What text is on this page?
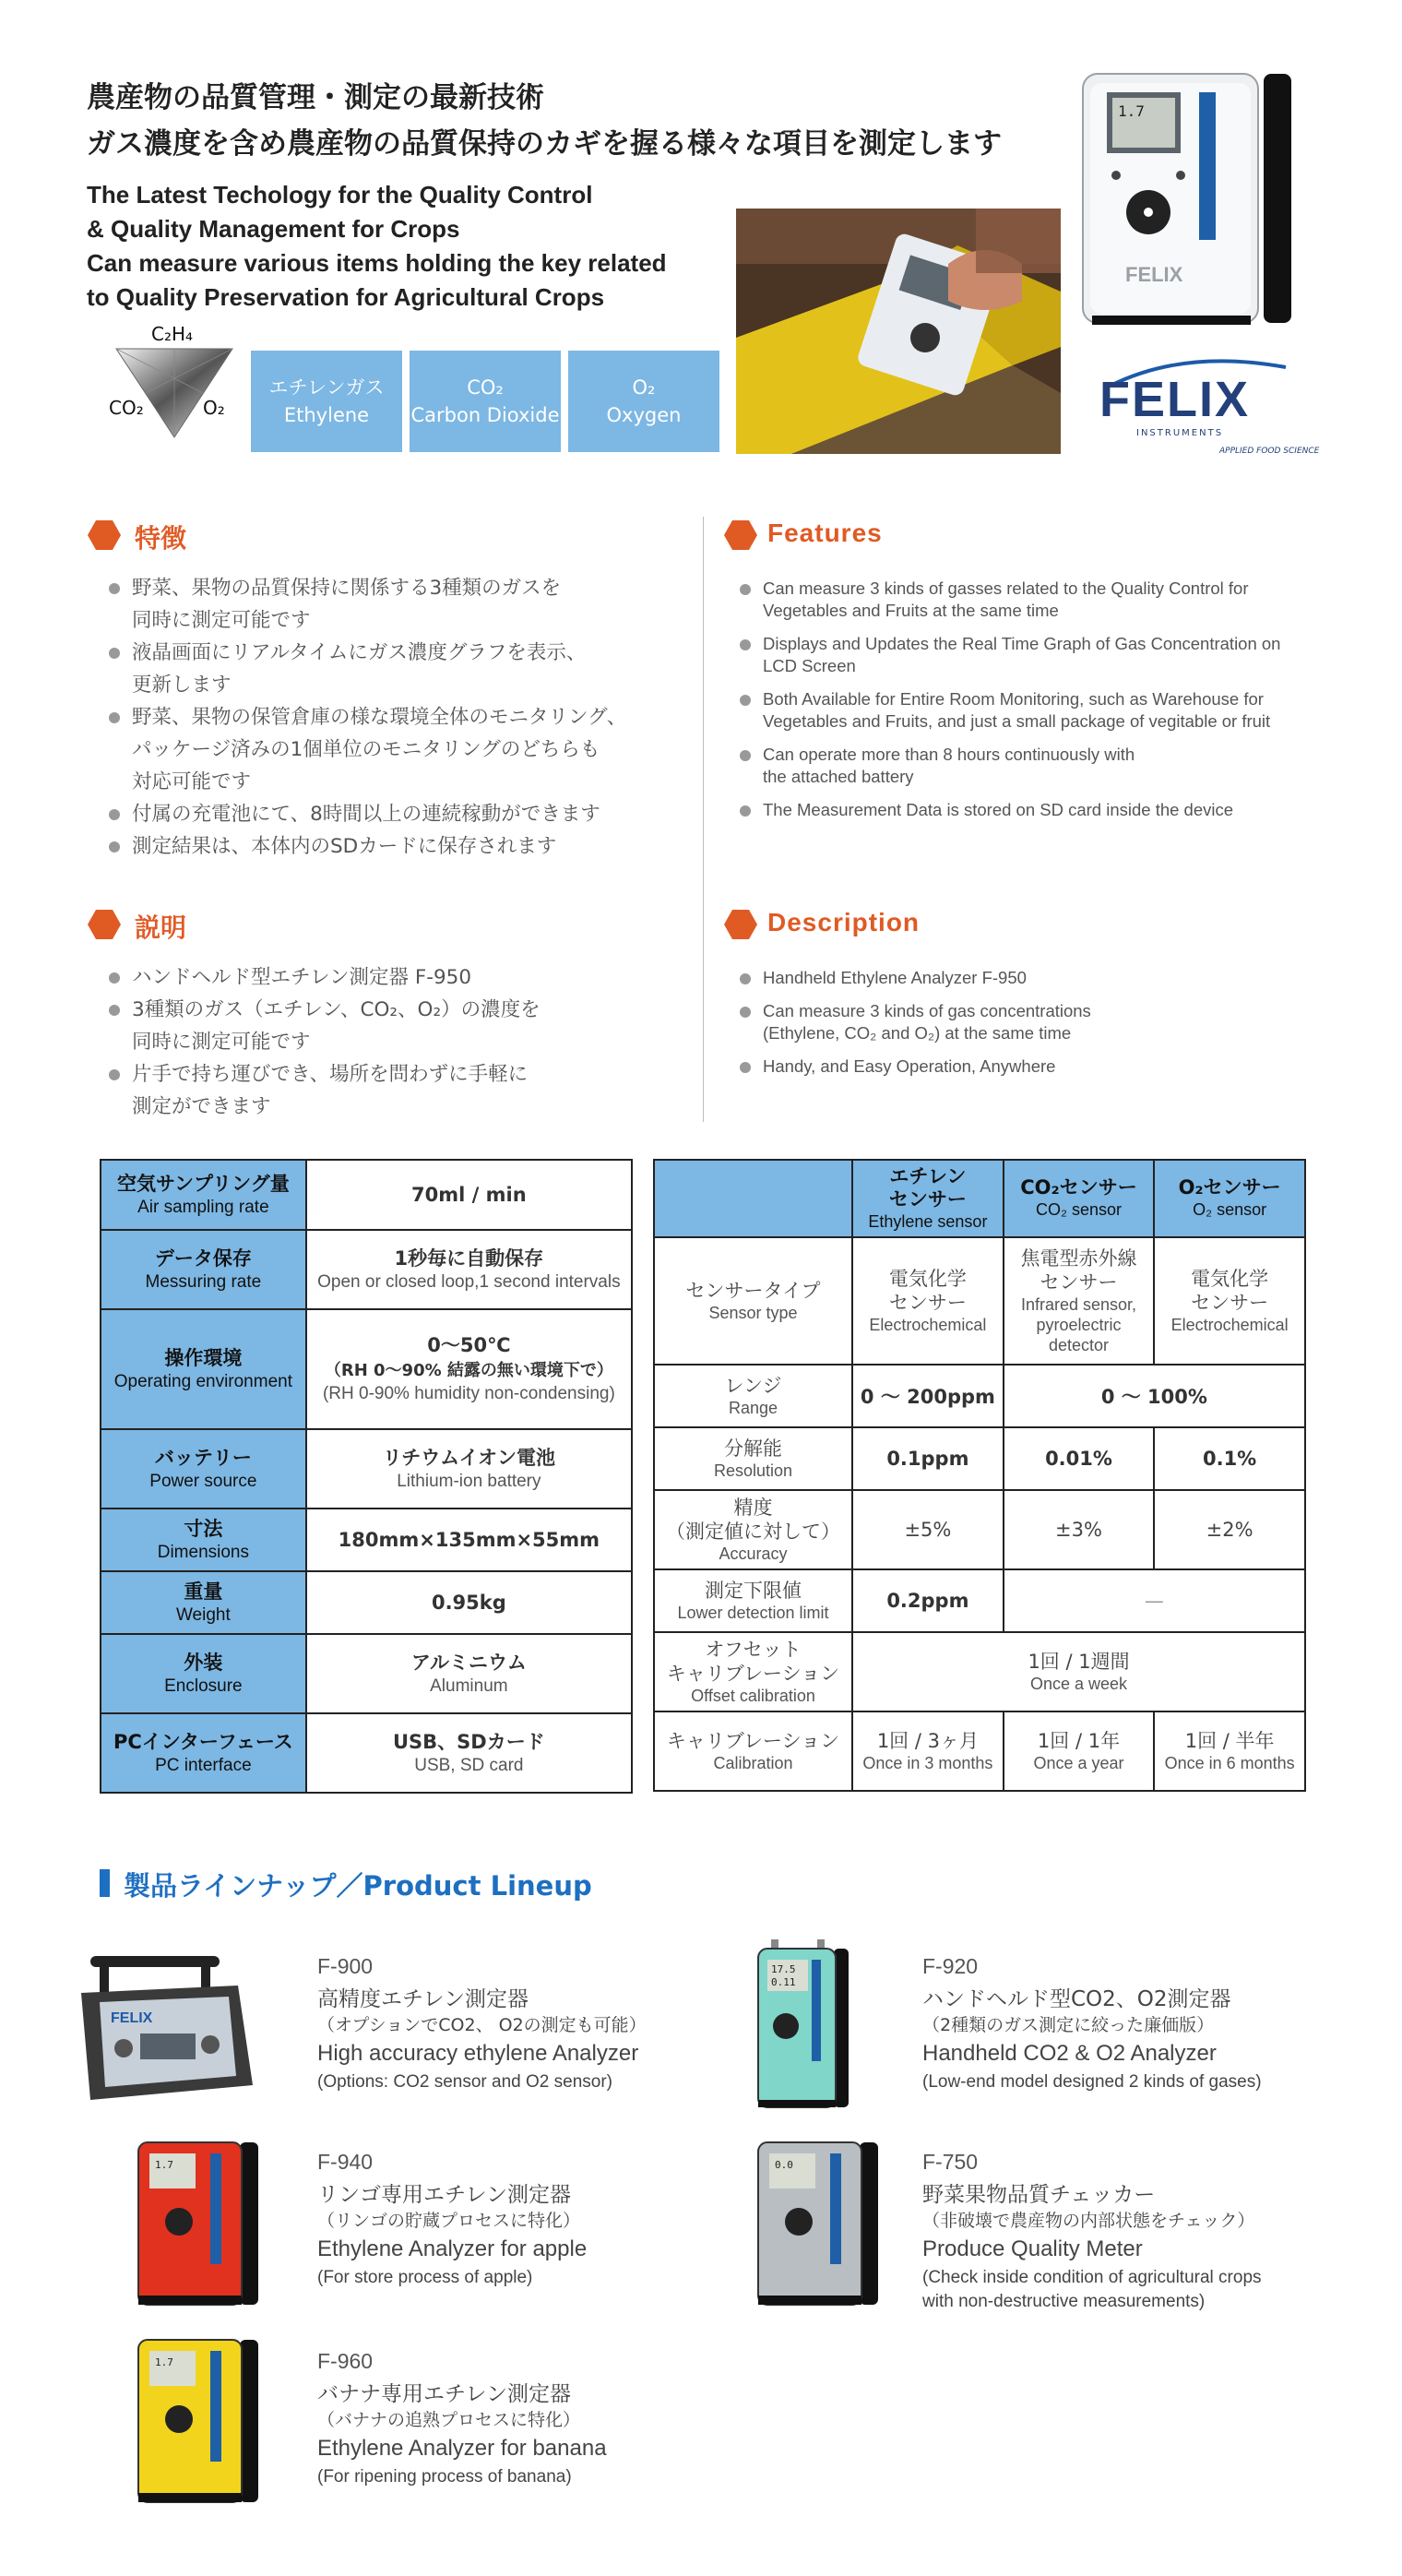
農産物の品質管理・測定の最新技術
ガス濃度を含め農産物の品質保持のカギを握る様々な項目を測定します
The Latest Techology for the Quality Control
& Quality Management for Crops
Can measure various items holding the key related
to Quality Preservation for Agricultural Crops
C₂H₄
CO₂	O₂
エチレンガス
Ethylene
CO₂
Carbon Dioxide
O₂
Oxygen
1.7
FELIX
FELIX
INSTRUMENTS
APPLIED FOOD SCIENCE
特徴	Features
野菜、果物の品質保持に関係する3種類のガスを
同時に測定可能です
液晶画面にリアルタイムにガス濃度グラフを表示、
更新します
野菜、果物の保管倉庫の様な環境全体のモニタリング、
パッケージ済みの1個単位のモニタリングのどちらも
対応可能です
付属の充電池にて、8時間以上の連続稼動ができます
測定結果は、本体内のSDカードに保存されます
Can measure 3 kinds of gasses related to the Quality Control for
Vegetables and Fruits at the same time
Displays and Updates the Real Time Graph of Gas Concentration on
LCD Screen
Both Available for Entire Room Monitoring, such as Warehouse for
Vegetables and Fruits, and just a small package of vegitable or fruit
Can operate more than 8 hours continuously with
the attached battery
The Measurement Data is stored on SD card inside the device
説明	Description
ハンドヘルド型エチレン測定器 F-950
3種類のガス（エチレン、CO₂、O₂）の濃度を
同時に測定可能です
片手で持ち運びでき、場所を問わずに手軽に
測定ができます
Handheld Ethylene Analyzer F-950
Can measure 3 kinds of gas concentrations
(Ethylene, CO₂ and O₂) at the same time
Handy, and Easy Operation, Anywhere
空気サンプリング量
Air sampling rate	70ml / min

データ保存
Messuring rate	1秒毎に自動保存
Open or closed loop,1 second intervals

操作環境
Operating environment	0〜50℃
（RH 0〜90% 結露の無い環境下で）
(RH 0-90% humidity non-condensing)

バッテリー
Power source	リチウムイオン電池
Lithium-ion battery

寸法
Dimensions	180mm×135mm×55mm

重量
Weight	0.95kg

外装
Enclosure	アルミニウム
Aluminum

PCインターフェース
PC interface	USB、SDカード
USB, SD card

	エチレン
センサー
Ethylene sensor	CO₂センサー
CO₂ sensor	O₂センサー
O₂ sensor

センサータイプ
Sensor type	電気化学
センサー
Electrochemical	焦電型赤外線
センサー
Infrared sensor,
pyroelectric
detector	電気化学
センサー
Electrochemical

レンジ
Range	0 〜 200ppm	0 〜 100%	

分解能
Resolution	0.1ppm	0.01%	0.1%

精度
（測定値に対して）
Accuracy	±5%	±3%	±2%

測定下限値
Lower detection limit	0.2ppm	—	

オフセット
キャリブレーション
Offset calibration	1回 / 1週間
Once a week		

キャリブレーション
Calibration	1回 / 3ヶ月
Once in 3 months	1回 / 1年
Once a year	1回 / 半年
Once in 6 months
製品ラインナップ／Product Lineup
FELIX
F-900
高精度エチレン測定器
（オプションでCO2、 O2の測定も可能）
High accuracy ethylene Analyzer
(Options: CO2 sensor and O2 sensor)
17.5
0.11
F-920
ハンドヘルド型CO2、O2測定器
（2種類のガス測定に絞った廉価版）
Handheld CO2 & O2 Analyzer
(Low-end model designed 2 kinds of gases)
1.7	F-940
リンゴ専用エチレン測定器
（リンゴの貯蔵プロセスに特化）
Ethylene Analyzer for apple
(For store process of apple)
0.0	F-750
野菜果物品質チェッカー
（非破壊で農産物の内部状態をチェック）
Produce Quality Meter
(Check inside condition of agricultural crops
with non-destructive measurements)
1.7	F-960
バナナ専用エチレン測定器
（バナナの追熟プロセスに特化）
Ethylene Analyzer for banana
(For ripening process of banana)
